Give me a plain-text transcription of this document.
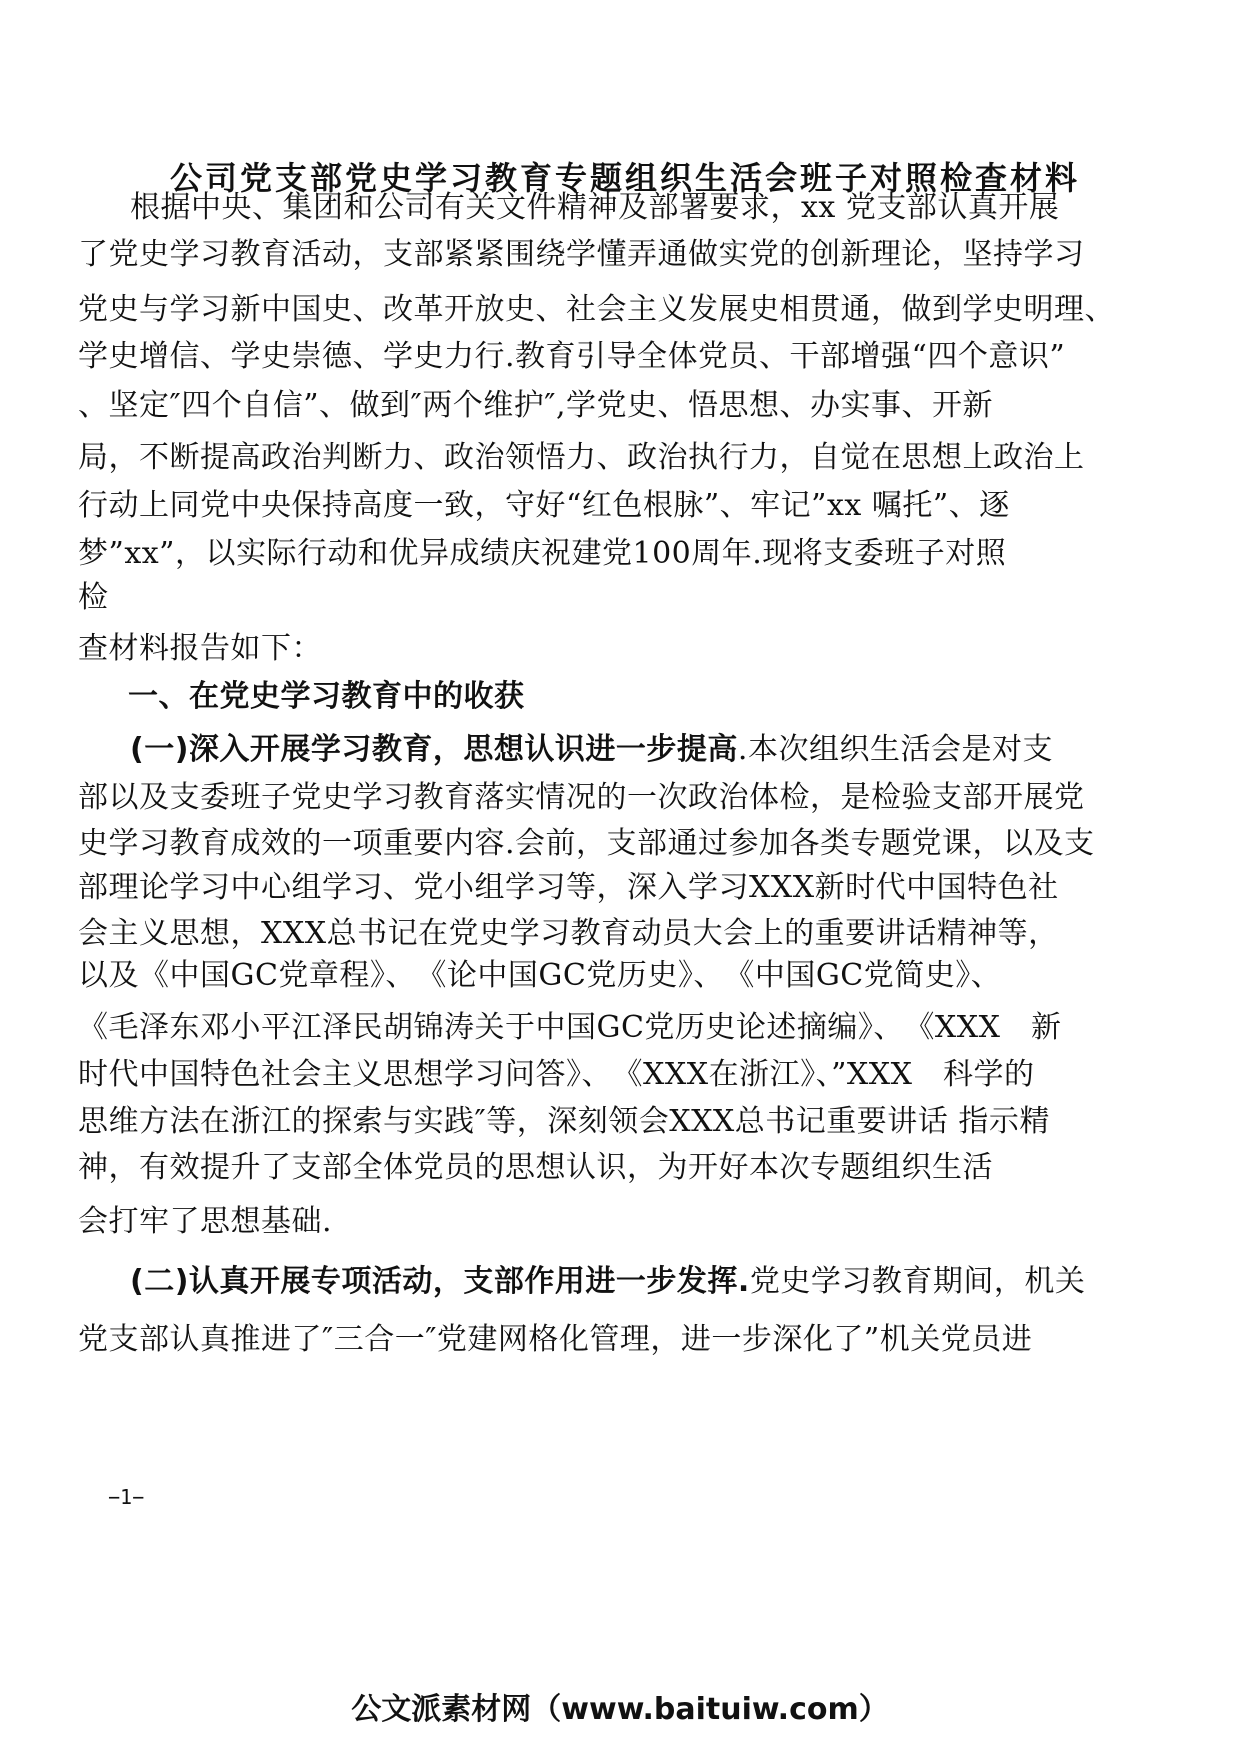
公司党支部党史学习教育专题组织生活会班子对照检查材料
根据中央、集团和公司有关文件精神及部署要求，xx 党支部认真开展
了党史学习教育活动，支部紧紧围绕学懂弄通做实党的创新理论，坚持学习
党史与学习新中国史、改革开放史、社会主义发展史相贯通，做到学史明理、
学史增信、学史崇德、学史力行.教育引导全体党员、干部增强“四个意识”
、坚定″四个自信”、做到″两个维护″,学党史、悟思想、办实事、开新
局，不断提高政治判断力、政治领悟力、政治执行力，自觉在思想上政治上
行动上同党中央保持高度一致，守好“红色根脉”、牢记”xx 嘱托”、逐
梦”xx”，以实际行动和优异成绩庆祝建党100周年.现将支委班子对照
检
查材料报告如下：
一、在党史学习教育中的收获
(一)深入开展学习教育，思想认识进一步提高.本次组织生活会是对支
部以及支委班子党史学习教育落实情况的一次政治体检，是检验支部开展党
史学习教育成效的一项重要内容.会前，支部通过参加各类专题党课，以及支
部理论学习中心组学习、党小组学习等，深入学习XXX新时代中国特色社
会主义思想，XXX总书记在党史学习教育动员大会上的重要讲话精神等，
以及《中国GC党章程》、　《论中国GC党历史》、　《中国GC党简史》、
《毛泽东邓小平江泽民胡锦涛关于中国GC党历史论述摘编》、　《XXX　新
时代中国特色社会主义思想学习问答》、　《XXX在浙江》、”XXX　科学的
思维方法在浙江的探索与实践″等，深刻领会XXX总书记重要讲话 指示精
神，有效提升了支部全体党员的思想认识，为开好本次专题组织生活
会打牢了思想基础.
(二)认真开展专项活动，支部作用进一步发挥.党史学习教育期间，机关
党支部认真推进了″三合一″党建网格化管理，进一步深化了”机关党员进
−1−
公文派素材网（www.baituiw.com）
